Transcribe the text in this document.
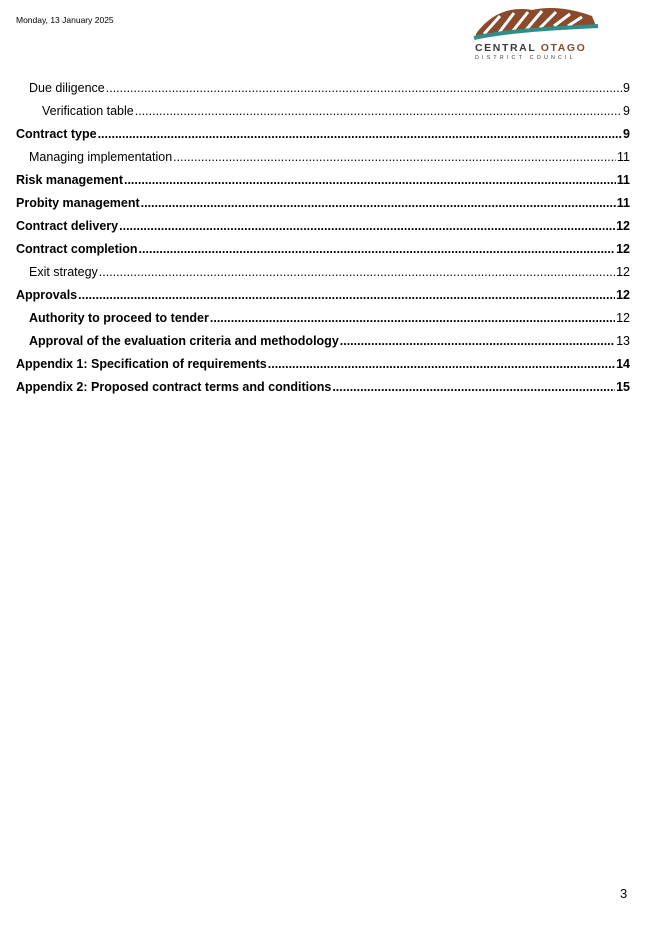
Monday, 13 January 2025
CENTRAL OTAGO
DISTRICT COUNCIL
Due diligence .....	9
Verification table .....	9
Contract type .....	9
Managing implementation .....	11
Risk management .....	11
Probity management .....	11
Contract delivery .....	12
Contract completion .....	12
Exit strategy .....	12
Approvals .....	12
Authority to proceed to tender .....	12
Approval of the evaluation criteria and methodology .....	13
Appendix 1: Specification of requirements .....	14
Appendix 2: Proposed contract terms and conditions .....	15
3
